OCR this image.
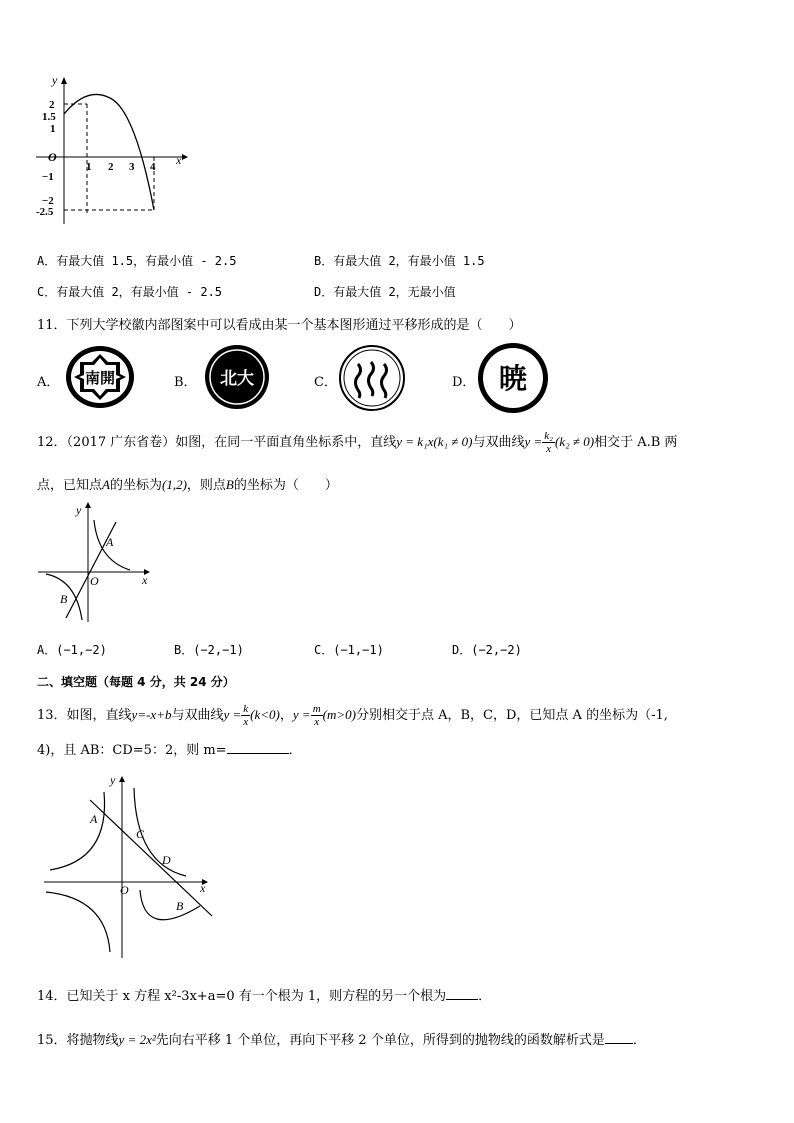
y
x
O
2
1.5
1
−1
−2
-2.5
1 2 3 4
A．有最大值 1.5，有最小值 - 2.5	B．有最大值 2，有最小值 1.5
C．有最大值 2，有最小值 - 2.5	D．有最大值 2，无最小值
11．下列大学校徽内部图案中可以看成由某一个基本图形通过平移形成的是（　　）
A． 南開	B． 北大	C．	D． 暁
12．（2017 广东省卷）如图，在同一平面直角坐标系中，直线y = k₁x(k₁ ≠ 0)与双曲线$y = \frac{\text{k₂}}{x} (k_2 \ne 0)$相交于 A.B 两
点，已知点A的坐标为(1,2)，则点B的坐标为（　　）
y
x
O
A
B
A．(−1,−2)	B．(−2,−1)	C．(−1,−1)	D．(−2,−2)
二、填空题（每题 4 分，共 24 分）
13．如图，直线y=-x+b与双曲线$y = \frac{k}{x} (k<0)$，$y = \frac{m}{x} (m>0)$分别相交于点 A，B，C，D，已知点 A 的坐标为（-1,
4)，且 AB：CD=5：2，则 m=	．
y
x
O
A
C
D
B
14．已知关于 x 方程 x²-3x+a=0 有一个根为 1，则方程的另一个根为 ．
15．将抛物线y = 2x²先向右平移 1 个单位，再向下平移 2 个单位，所得到的抛物线的函数解析式是 ．
